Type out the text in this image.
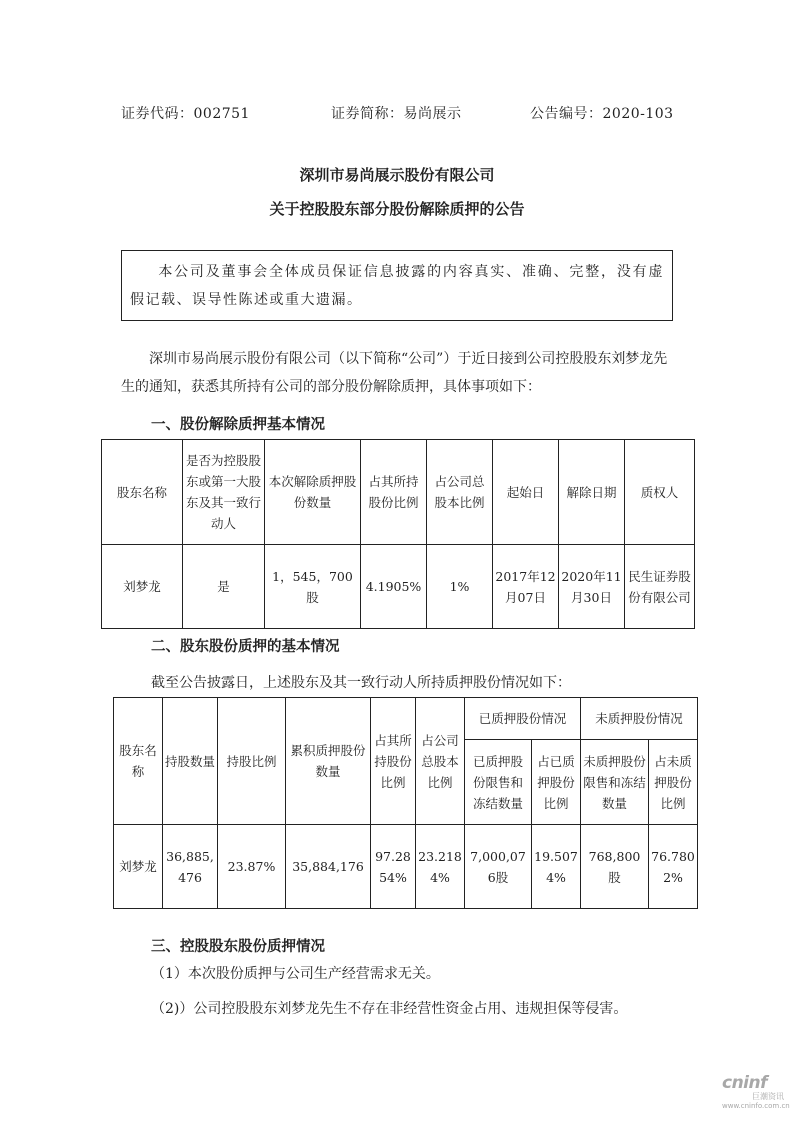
证券代码：002751	证券简称：易尚展示	公告编号：2020-103
深圳市易尚展示股份有限公司
关于控股股东部分股份解除质押的公告
本公司及董事会全体成员保证信息披露的内容真实、准确、完整，没有虚假记载、误导性陈述或重大遗漏。
深圳市易尚展示股份有限公司（以下简称“公司”）于近日接到公司控股股东刘梦龙先生的通知，获悉其所持有公司的部分股份解除质押，具体事项如下：
一、股份解除质押基本情况
股东名称	是否为控股股东或第一大股东及其一致行动人	本次解除质押股份数量	占其所持股份比例	占公司总股本比例	起始日	解除日期	质权人
刘梦龙	是	1，545，700股	4.1905%	1%	2017年12月07日	2020年11月30日	民生证券股份有限公司
二、股东股份质押的基本情况
截至公告披露日，上述股东及其一致行动人所持质押股份情况如下：
股东名称	持股数量	持股比例	累积质押股份数量	占其所持股份比例	占公司总股本比例	已质押股份情况		未质押股份情况	
						已质押股份限售和冻结数量	占已质押股份比例	未质押股份限售和冻结数量	占未质押股份比例
刘梦龙	36,885,476	23.87%	35,884,176	97.2854%	23.2184%	7,000,076股	19.5074%	768,800股	76.7802%
三、控股股东股份质押情况
（1）本次股份质押与公司生产经营需求无关。
（2)）公司控股股东刘梦龙先生不存在非经营性资金占用、违规担保等侵害。
cninf
巨潮资讯
www.cninfo.com.cn
